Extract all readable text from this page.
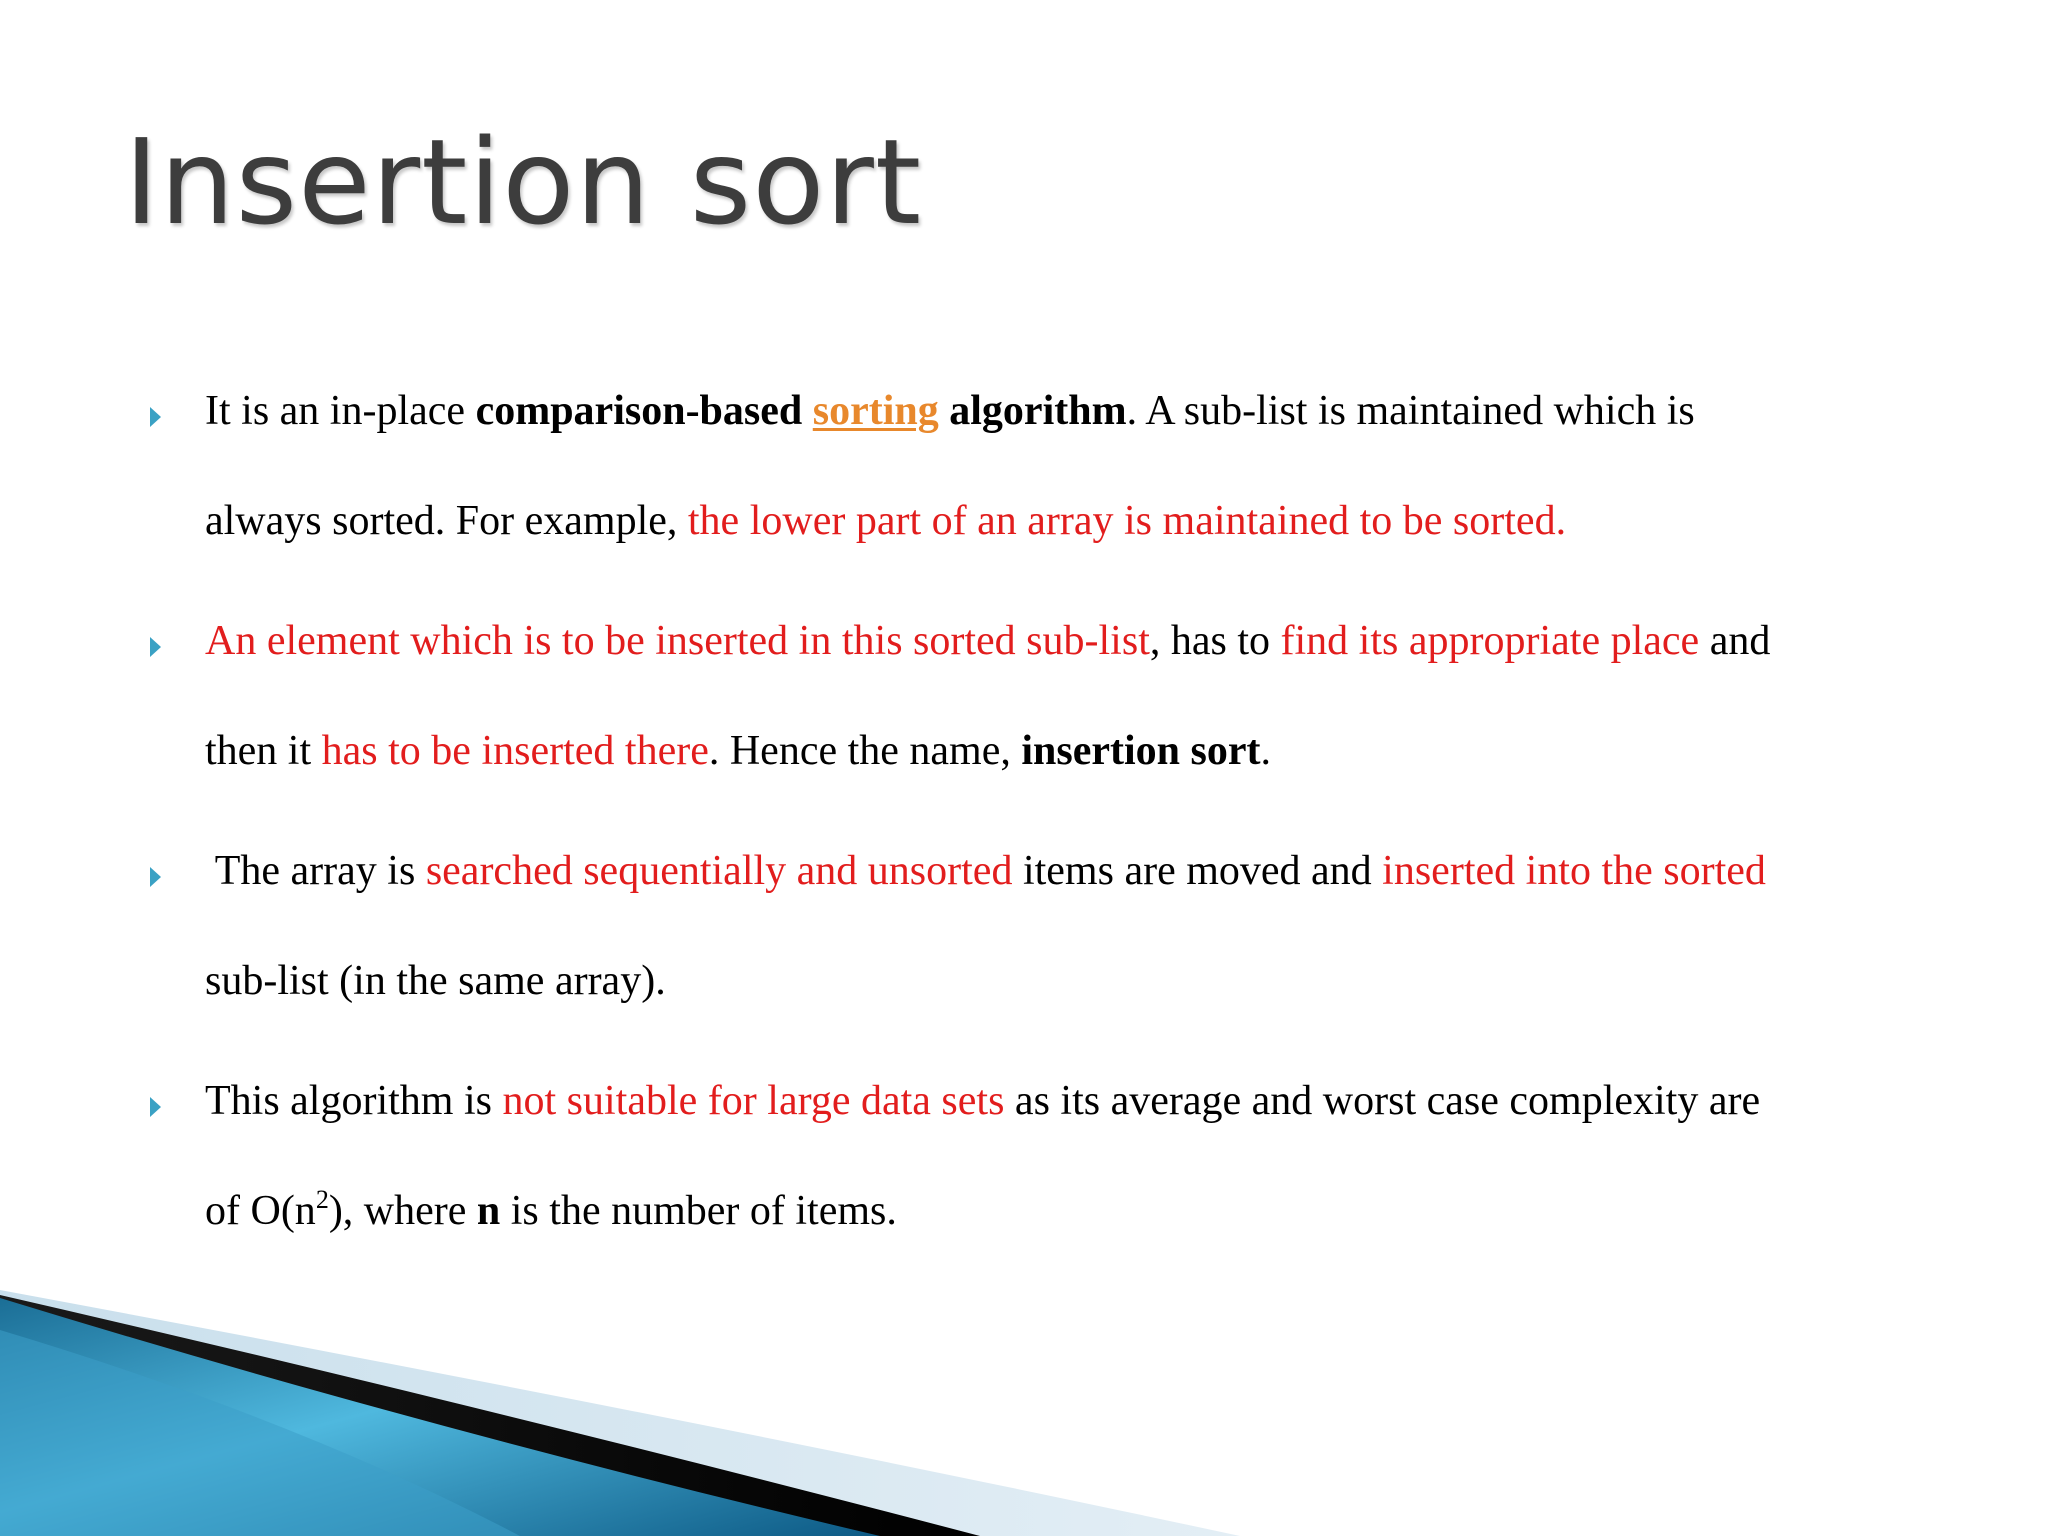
Insertion sort
It is an in-place comparison-based sorting algorithm. A sub-list is maintained which is
always sorted. For example, the lower part of an array is maintained to be sorted.
An element which is to be inserted in this sorted sub-list, has to find its appropriate place and
then it has to be inserted there. Hence the name, insertion sort.
The array is searched sequentially and unsorted items are moved and inserted into the sorted
sub-list (in the same array).
This algorithm is not suitable for large data sets as its average and worst case complexity are
of $O(n^2)$, where n is the number of items.
